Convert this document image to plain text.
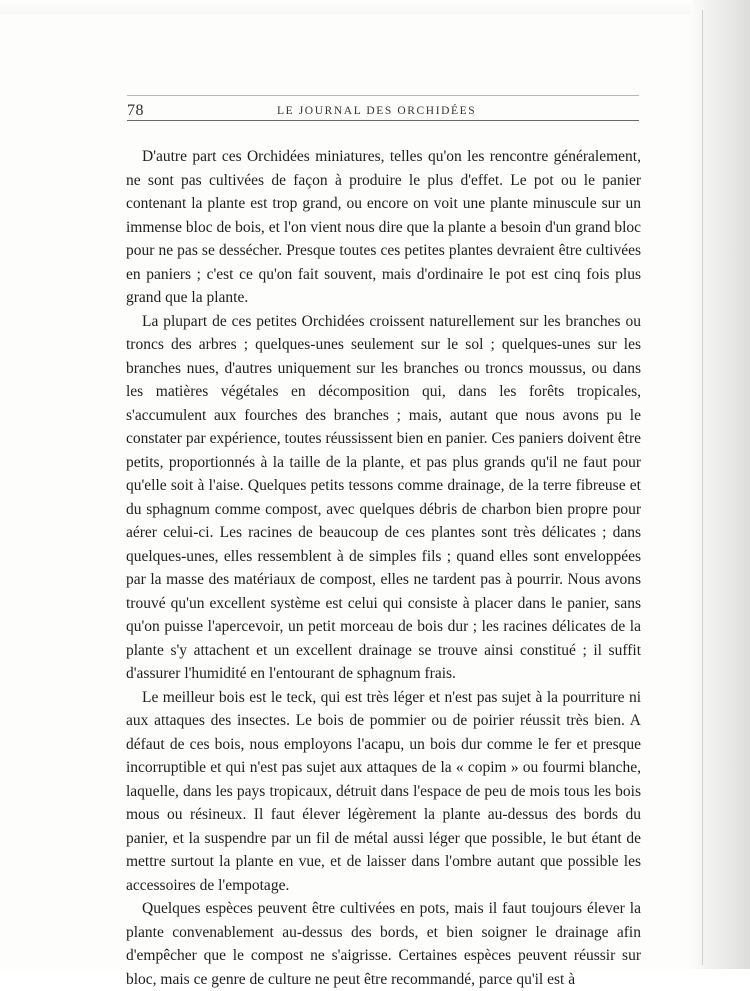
78	LE JOURNAL DES ORCHIDÉES

D'autre part ces Orchidées miniatures, telles qu'on les rencontre généralement, ne sont pas cultivées de façon à produire le plus d'effet. Le pot ou le panier contenant la plante est trop grand, ou encore on voit une plante minuscule sur un immense bloc de bois, et l'on vient nous dire que la plante a besoin d'un grand bloc pour ne pas se dessécher. Presque toutes ces petites plantes devraient être cultivées en paniers ; c'est ce qu'on fait souvent, mais d'ordinaire le pot est cinq fois plus grand que la plante.

La plupart de ces petites Orchidées croissent naturellement sur les branches ou troncs des arbres ; quelques-unes seulement sur le sol ; quelques-unes sur les branches nues, d'autres uniquement sur les branches ou troncs moussus, ou dans les matières végétales en décomposition qui, dans les forêts tropicales, s'accumulent aux fourches des branches ; mais, autant que nous avons pu le constater par expérience, toutes réussissent bien en panier. Ces paniers doivent être petits, proportionnés à la taille de la plante, et pas plus grands qu'il ne faut pour qu'elle soit à l'aise. Quelques petits tessons comme drainage, de la terre fibreuse et du sphagnum comme compost, avec quelques débris de charbon bien propre pour aérer celui-ci. Les racines de beaucoup de ces plantes sont très délicates ; dans quelques-unes, elles ressemblent à de simples fils ; quand elles sont enveloppées par la masse des matériaux de compost, elles ne tardent pas à pourrir. Nous avons trouvé qu'un excellent système est celui qui consiste à placer dans le panier, sans qu'on puisse l'apercevoir, un petit morceau de bois dur ; les racines délicates de la plante s'y attachent et un excellent drainage se trouve ainsi constitué ; il suffit d'assurer l'humidité en l'entourant de sphagnum frais.

Le meilleur bois est le teck, qui est très léger et n'est pas sujet à la pourriture ni aux attaques des insectes. Le bois de pommier ou de poirier réussit très bien. A défaut de ces bois, nous employons l'acapu, un bois dur comme le fer et presque incorruptible et qui n'est pas sujet aux attaques de la « copim » ou fourmi blanche, laquelle, dans les pays tropicaux, détruit dans l'espace de peu de mois tous les bois mous ou résineux. Il faut élever légèrement la plante au-dessus des bords du panier, et la suspendre par un fil de métal aussi léger que possible, le but étant de mettre surtout la plante en vue, et de laisser dans l'ombre autant que possible les accessoires de l'empotage.

Quelques espèces peuvent être cultivées en pots, mais il faut toujours élever la plante convenablement au-dessus des bords, et bien soigner le drainage afin d'empêcher que le compost ne s'aigrisse. Certaines espèces peuvent réussir sur bloc, mais ce genre de culture ne peut être recommandé, parce qu'il est à
